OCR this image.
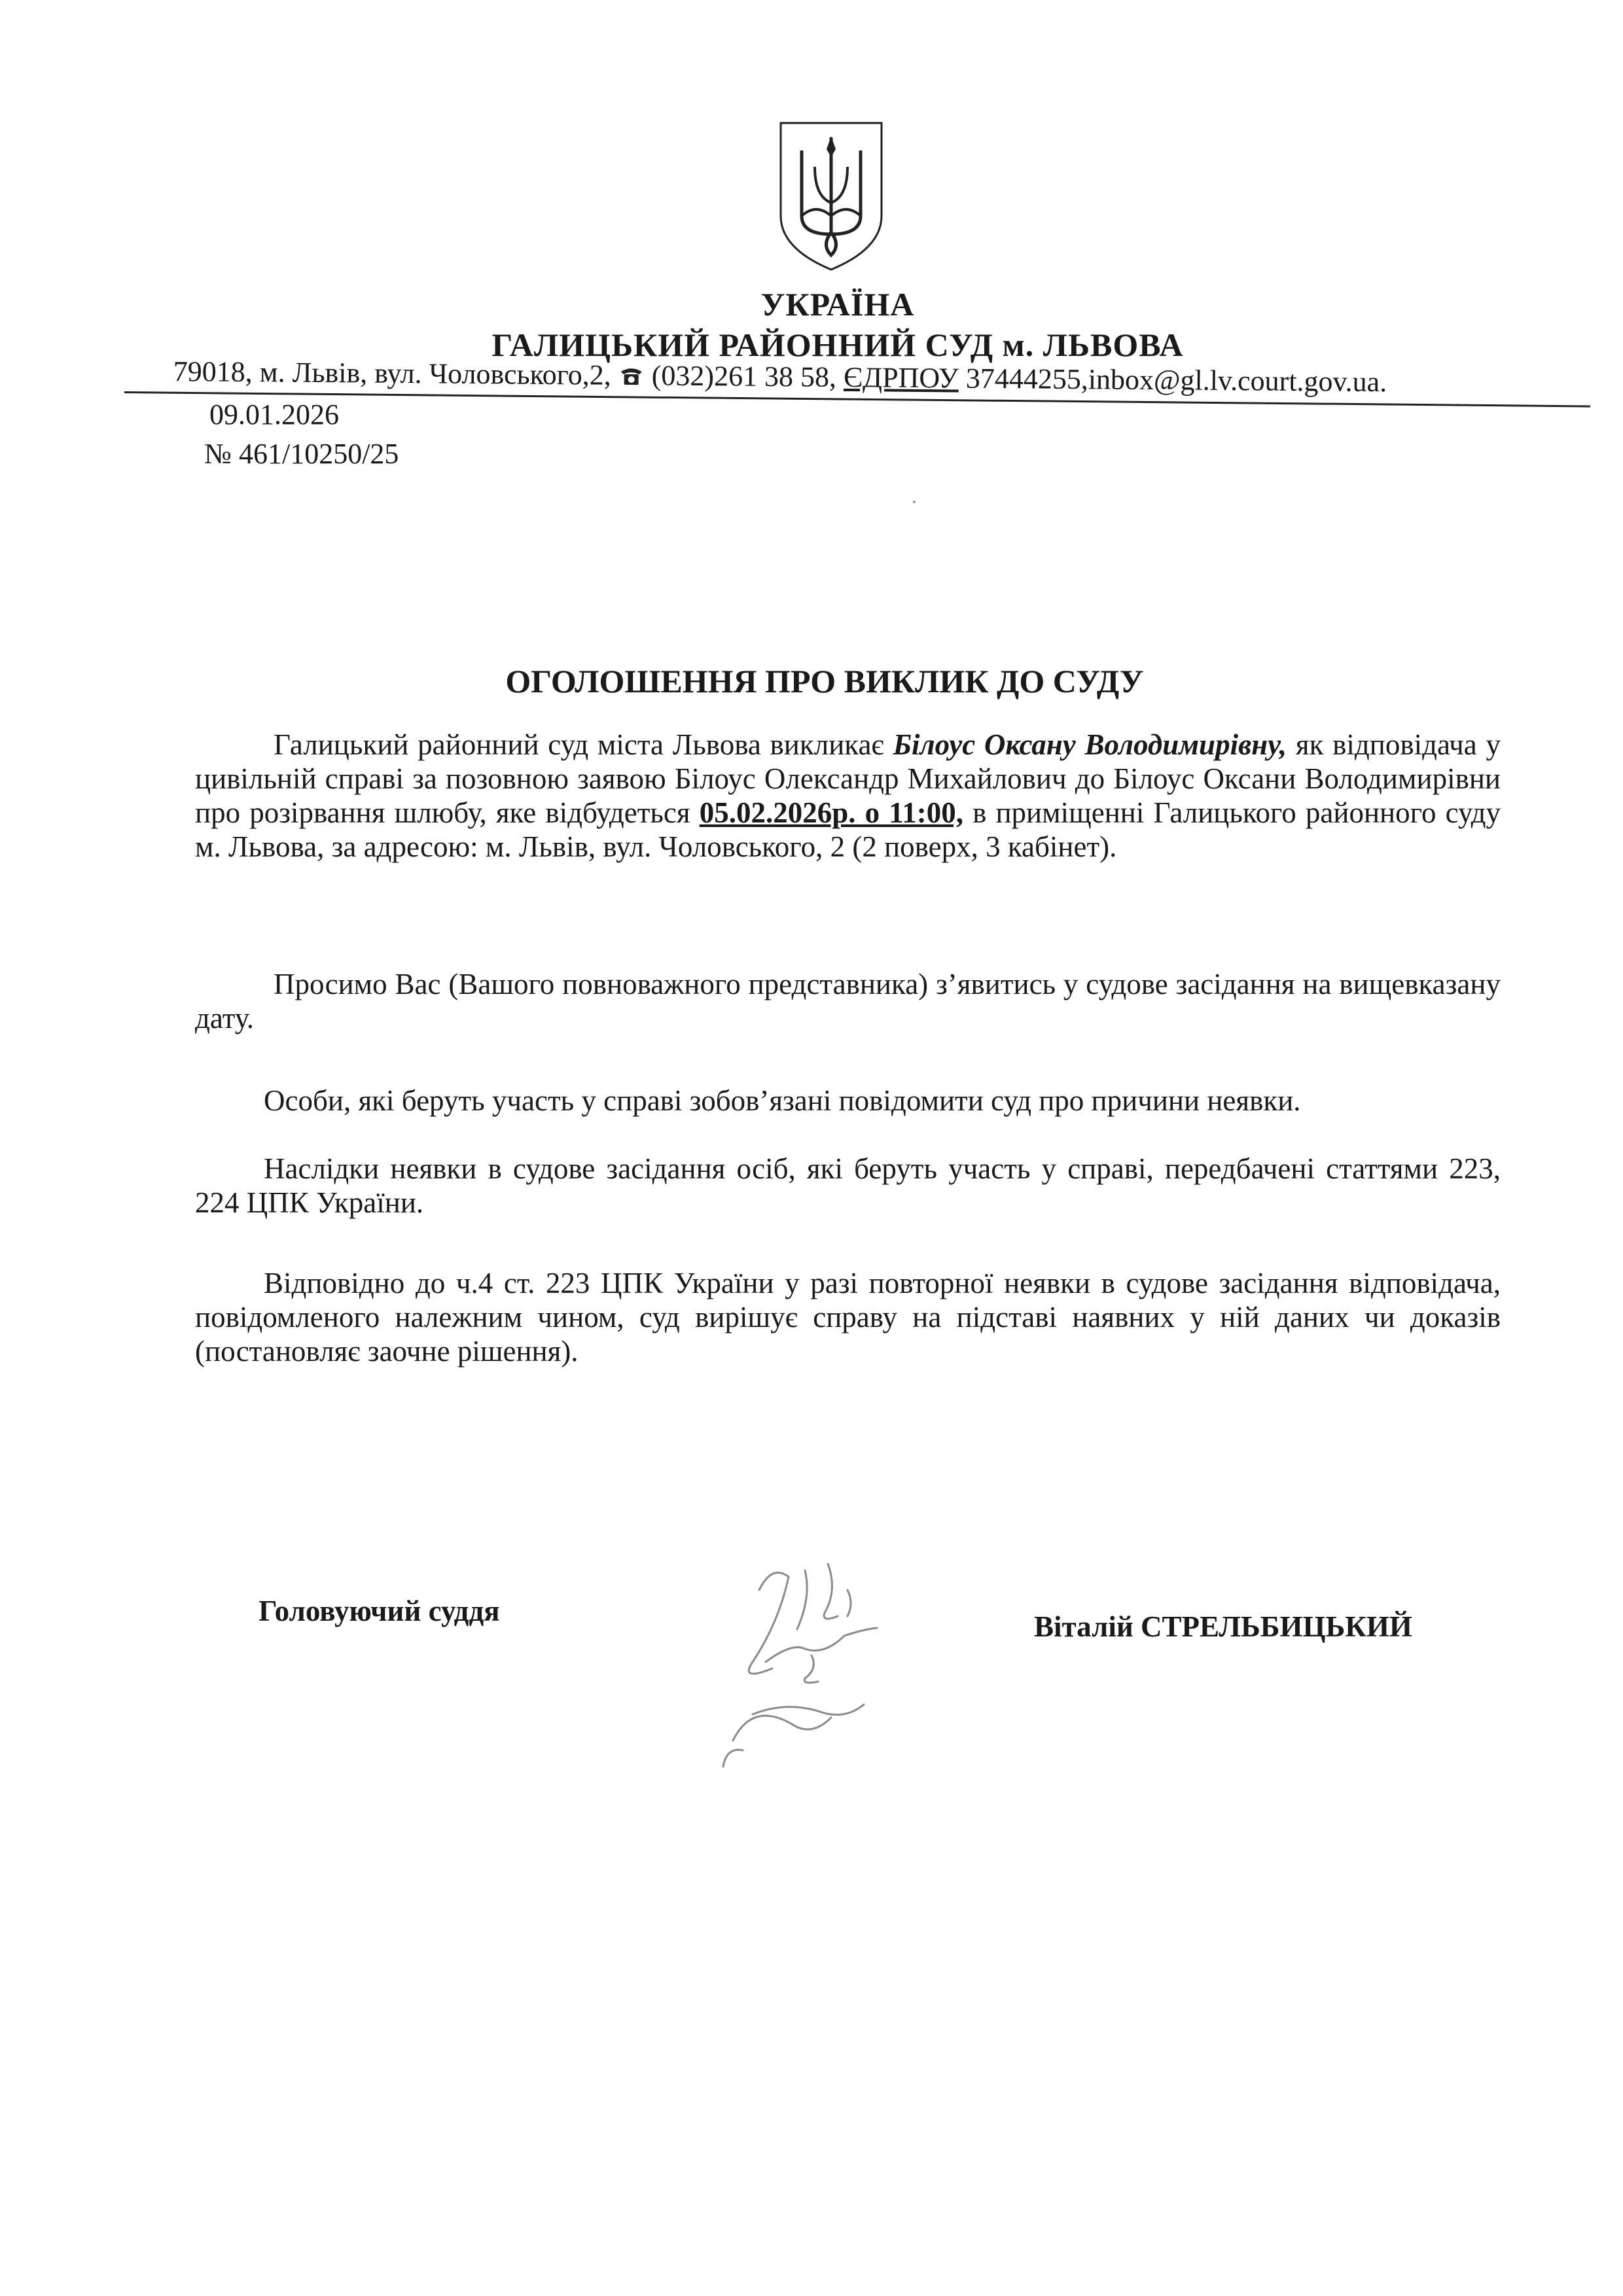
УКРАЇНА
ГАЛИЦЬКИЙ РАЙОННИЙ СУД м. ЛЬВОВА
79018, м. Львів, вул. Чоловського,2, (032)261 38 58, ЄДРПОУ 37444255,inbox@gl.lv.court.gov.ua.
09.01.2026
№ 461/10250/25
ОГОЛОШЕННЯ ПРО ВИКЛИК ДО СУДУ
Галицький районний суд міста Львова викликає Білоус Оксану Володимирівну, як відповідача у цивільній справі за позовною заявою Білоус Олександр Михайлович до Білоус Оксани Володимирівни про розірвання шлюбу, яке відбудеться 05.02.2026р. о 11:00, в приміщенні Галицького районного суду м. Львова, за адресою: м. Львів, вул. Чоловського, 2 (2 поверх, 3 кабінет).
Просимо Вас (Вашого повноважного представника) з’явитись у судове засідання на вищевказану дату.
Особи, які беруть участь у справі зобов’язані повідомити суд про причини неявки.
Наслідки неявки в судове засідання осіб, які беруть участь у справі, передбачені статтями 223, 224 ЦПК України.
Відповідно до ч.4 ст. 223 ЦПК України у разі повторної неявки в судове засідання відповідача, повідомленого належним чином, суд вирішує справу на підставі наявних у ній даних чи доказів (постановляє заочне рішення).
Головуючий суддя	Віталій СТРЕЛЬБИЦЬКИЙ
